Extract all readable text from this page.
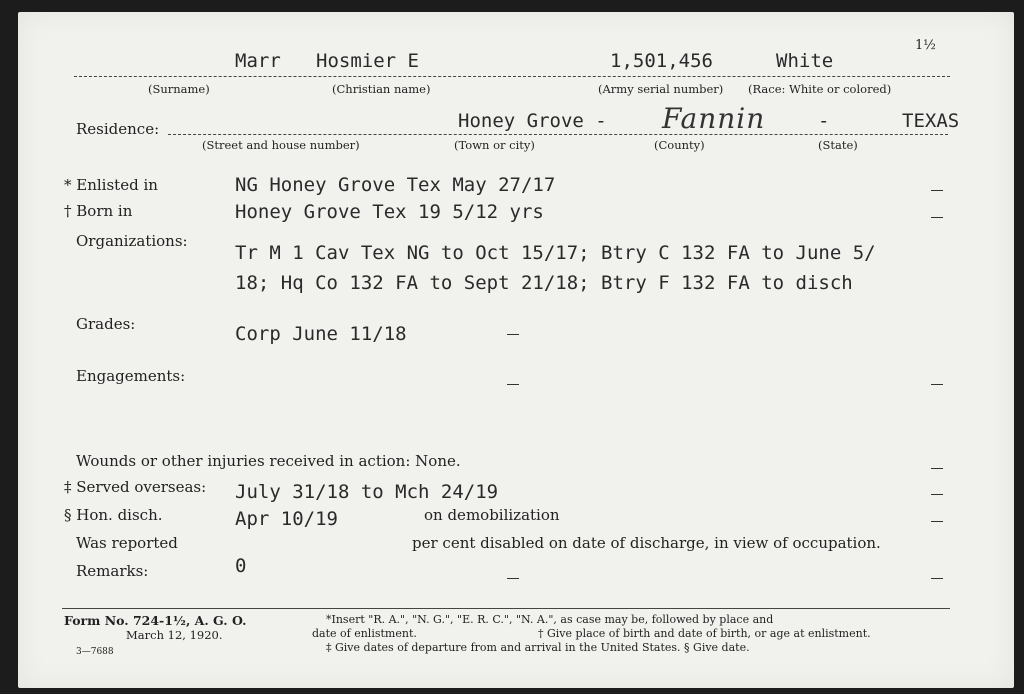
1½
Marr Hosmier E	1,501,456	White
(Surname)	(Christian name)	(Army serial number) (Race: White or colored)
Residence:	Honey Grove - Fannin	-	TEXAS
(Street and house number)	(Town or city)	(County)	(State)
* Enlisted in	NG Honey Grove Tex May 27/17
† Born in	Honey Grove Tex 19 5/12 yrs
Organizations:
Tr M 1 Cav Tex NG to Oct 15/17; Btry C 132 FA to June 5/
18; Hq Co 132 FA to Sept 21/18; Btry F 132 FA to disch
Grades:	Corp June 11/18
Engagements:
Wounds or other injuries received in action: None.
‡ Served overseas: July 31/18 to Mch 24/19
§ Hon. disch.	Apr 10/19	on demobilization
Was reported	per cent disabled on date of discharge, in view of occupation.
Remarks:	0
Form No. 724-1½, A. G. O.
March 12, 1920.
3—7688
*Insert "R. A.", "N. G.", "E. R. C.", "N. A.", as case may be, followed by place and
date of enlistment.	† Give place of birth and date of birth, or age at enlistment.
‡ Give dates of departure from and arrival in the United States. § Give date.
